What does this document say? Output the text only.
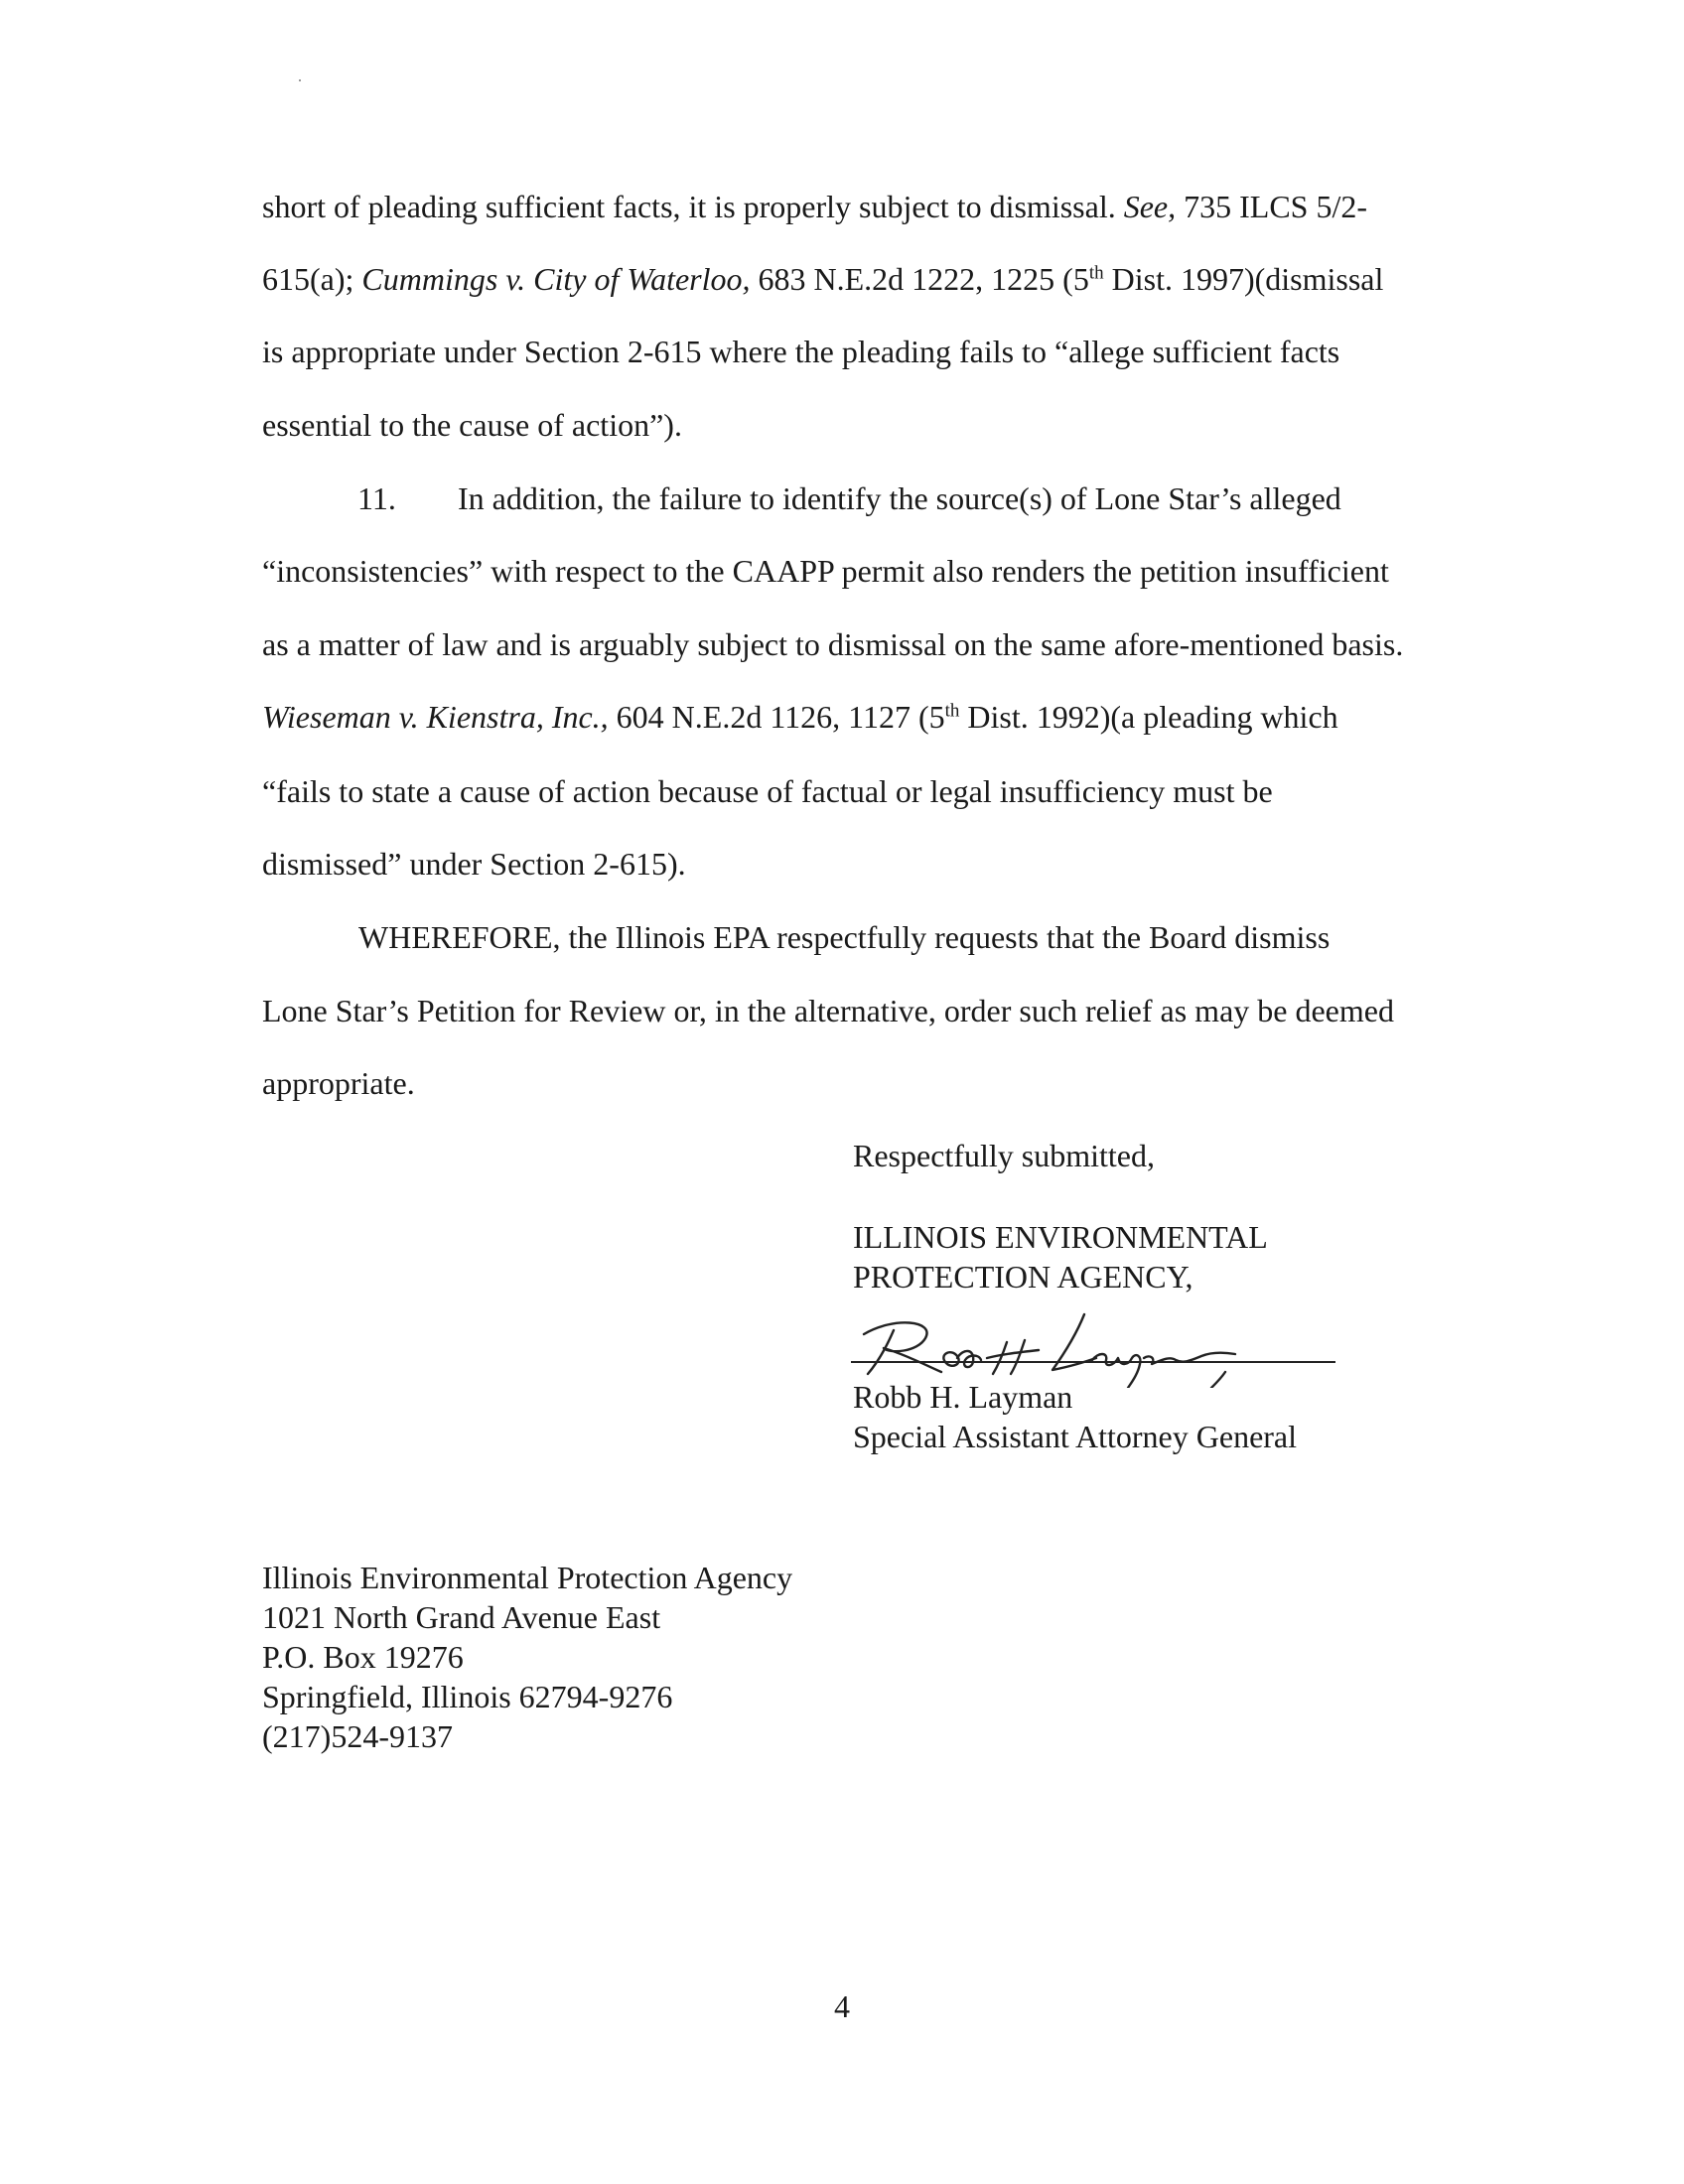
short of pleading sufficient facts, it is properly subject to dismissal. See, 735 ILCS 5/2-
615(a); Cummings v. City of Waterloo, 683 N.E.2d 1222, 1225 (5th Dist. 1997)(dismissal
is appropriate under Section 2-615 where the pleading fails to “allege sufficient facts
essential to the cause of action”).
11. In addition, the failure to identify the source(s) of Lone Star’s alleged
“inconsistencies” with respect to the CAAPP permit also renders the petition insufficient
as a matter of law and is arguably subject to dismissal on the same afore-mentioned basis.
Wieseman v. Kienstra, Inc., 604 N.E.2d 1126, 1127 (5th Dist. 1992)(a pleading which
“fails to state a cause of action because of factual or legal insufficiency must be
dismissed” under Section 2-615).
WHEREFORE, the Illinois EPA respectfully requests that the Board dismiss
Lone Star’s Petition for Review or, in the alternative, order such relief as may be deemed
appropriate.
Respectfully submitted,
ILLINOIS ENVIRONMENTAL
PROTECTION AGENCY,
Robb H. Layman
Special Assistant Attorney General
Illinois Environmental Protection Agency
1021 North Grand Avenue East
P.O. Box 19276
Springfield, Illinois 62794-9276
(217)524-9137
4
